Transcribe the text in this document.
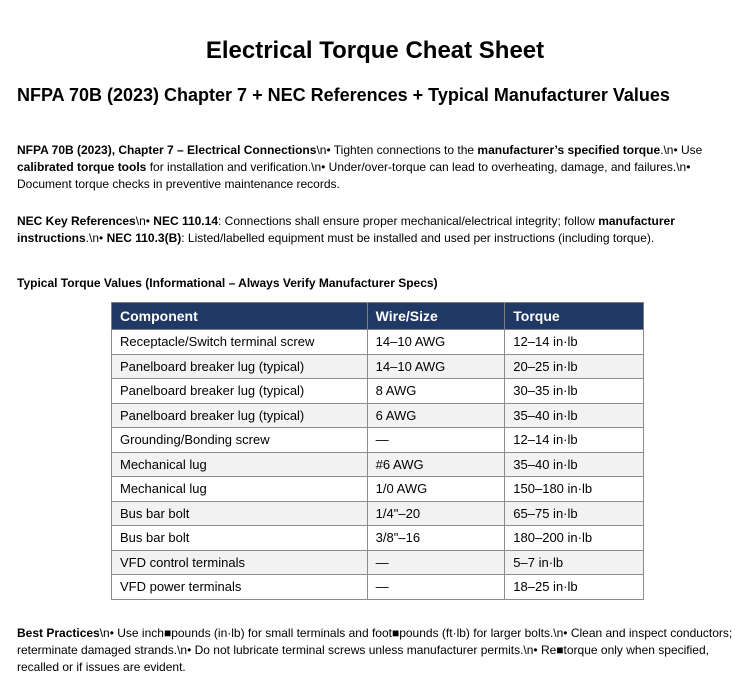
Electrical Torque Cheat Sheet
NFPA 70B (2023) Chapter 7 + NEC References + Typical Manufacturer Values
NFPA 70B (2023), Chapter 7 – Electrical Connections\n• Tighten connections to the manufacturer’s specified torque.\n• Use calibrated torque tools for installation and verification.\n• Under/over-torque can lead to overheating, damage, and failures.\n• Document torque checks in preventive maintenance records.
NEC Key References\n• NEC 110.14: Connections shall ensure proper mechanical/electrical integrity; follow manufacturer instructions.\n• NEC 110.3(B): Listed/labelled equipment must be installed and used per instructions (including torque).
Typical Torque Values (Informational – Always Verify Manufacturer Specs)
Component	Wire/Size	Torque
Receptacle/Switch terminal screw	14–10 AWG	12–14 in·lb
Panelboard breaker lug (typical)	14–10 AWG	20–25 in·lb
Panelboard breaker lug (typical)	8 AWG	30–35 in·lb
Panelboard breaker lug (typical)	6 AWG	35–40 in·lb
Grounding/Bonding screw	—	12–14 in·lb
Mechanical lug	#6 AWG	35–40 in·lb
Mechanical lug	1/0 AWG	150–180 in·lb
Bus bar bolt	1/4"–20	65–75 in·lb
Bus bar bolt	3/8"–16	180–200 in·lb
VFD control terminals	—	5–7 in·lb
VFD power terminals	—	18–25 in·lb
Best Practices\n• Use inch■pounds (in·lb) for small terminals and foot■pounds (ft·lb) for larger bolts.\n• Clean and inspect conductors; reterminate damaged strands.\n• Do not lubricate terminal screws unless manufacturer permits.\n• Re■torque only when specified, recalled or if issues are evident.
